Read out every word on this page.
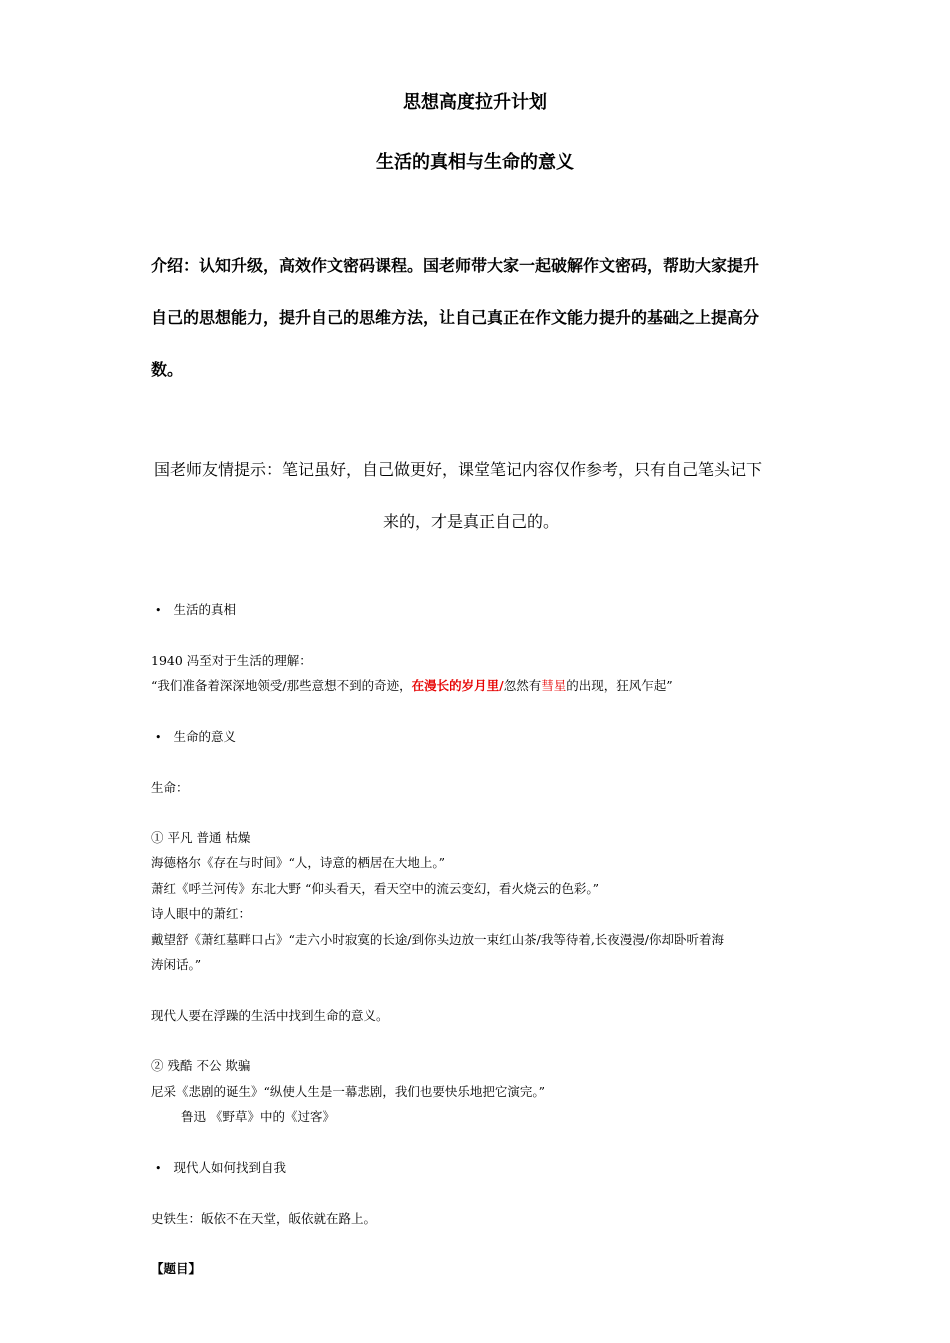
思想高度拉升计划
生活的真相与生命的意义
介绍：认知升级，高效作文密码课程。国老师带大家一起破解作文密码，帮助大家提升
自己的思想能力，提升自己的思维方法，让自己真正在作文能力提升的基础之上提高分
数。
国老师友情提示：笔记虽好，自己做更好，课堂笔记内容仅作参考，只有自己笔头记下
来的，才是真正自己的。
• 生活的真相
1940 冯至对于生活的理解：
“我们准备着深深地领受/那些意想不到的奇迹，在漫长的岁月里/忽然有彗星的出现，狂风乍起”
• 生命的意义
生命：
① 平凡 普通 枯燥
海德格尔《存在与时间》“人，诗意的栖居在大地上。”
萧红《呼兰河传》东北大野 “仰头看天，看天空中的流云变幻，看火烧云的色彩。”
诗人眼中的萧红：
戴望舒《萧红墓畔口占》“走六小时寂寞的长途/到你头边放一束红山茶/我等待着,长夜漫漫/你却卧听着海
涛闲话。”
现代人要在浮躁的生活中找到生命的意义。
② 残酷 不公 欺骗
尼采《悲剧的诞生》“纵使人生是一幕悲剧，我们也要快乐地把它演完。”
鲁迅 《野草》中的《过客》
• 现代人如何找到自我
史铁生：皈依不在天堂，皈依就在路上。
【题目】
